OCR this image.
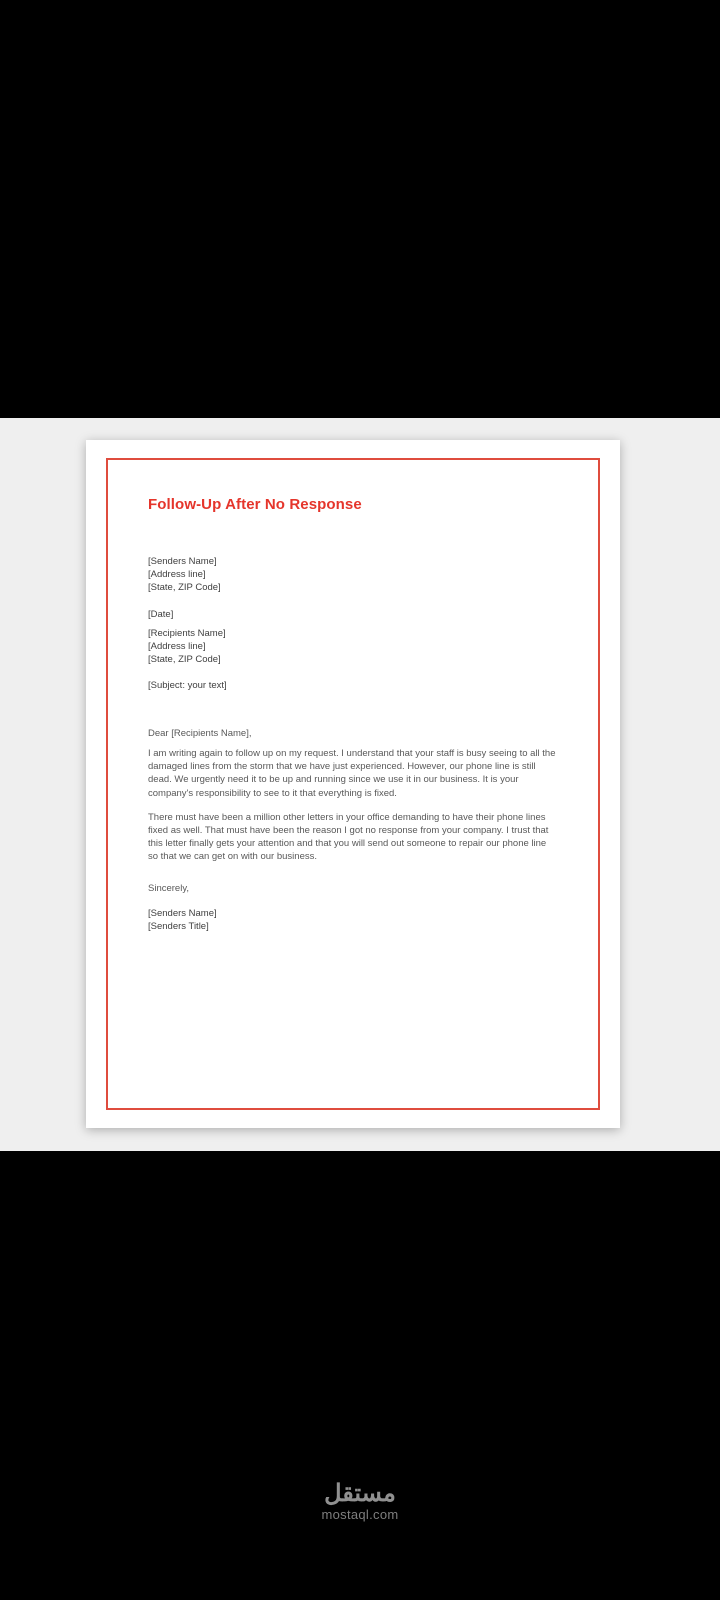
Follow-Up After No Response
[Senders Name]
[Address line]
[State, ZIP Code]
[Date]
[Recipients Name]
[Address line]
[State, ZIP Code]
[Subject: your text]
Dear [Recipients Name],
I am writing again to follow up on my request. I understand that your staff is busy seeing to all the damaged lines from the storm that we have just experienced. However, our phone line is still dead. We urgently need it to be up and running since we use it in our business. It is your company's responsibility to see to it that everything is fixed.
There must have been a million other letters in your office demanding to have their phone lines fixed as well. That must have been the reason I got no response from your company. I trust that this letter finally gets your attention and that you will send out someone to repair our phone line so that we can get on with our business.
Sincerely,
[Senders Name]
[Senders Title]
مستقل
mostaql.com
